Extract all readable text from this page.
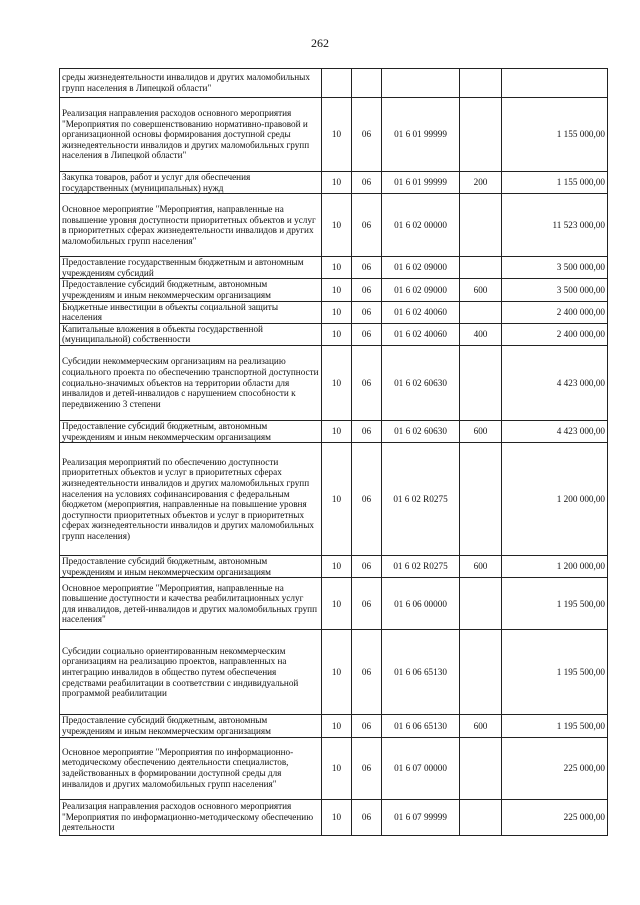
262
среды жизнедеятельности инвалидов и других маломобильных групп населения в Липецкой области"					
Реализация направления расходов основного мероприятия "Мероприятия по совершенствованию нормативно-правовой и организационной основы формирования доступной среды жизнедеятельности инвалидов и других маломобильных групп населения в Липецкой области"	10	06	01 6 01 99999		1 155 000,00
Закупка товаров, работ и услуг для обеспечения государственных (муниципальных) нужд	10	06	01 6 01 99999	200	1 155 000,00
Основное мероприятие "Мероприятия, направленные на повышение уровня доступности приоритетных объектов и услуг в приоритетных сферах жизнедеятельности инвалидов и других маломобильных групп населения"	10	06	01 6 02 00000		11 523 000,00
Предоставление государственным бюджетным и автономным учреждениям субсидий	10	06	01 6 02 09000		3 500 000,00
Предоставление субсидий бюджетным, автономным учреждениям и иным некоммерческим организациям	10	06	01 6 02 09000	600	3 500 000,00
Бюджетные инвестиции в объекты социальной защиты населения	10	06	01 6 02 40060		2 400 000,00
Капитальные вложения в объекты государственной (муниципальной) собственности	10	06	01 6 02 40060	400	2 400 000,00
Субсидии некоммерческим организациям на реализацию социального проекта по обеспечению транспортной доступности социально-значимых объектов на территории области для инвалидов и детей-инвалидов с нарушением способности к передвижению 3 степени	10	06	01 6 02 60630		4 423 000,00
Предоставление субсидий бюджетным, автономным учреждениям и иным некоммерческим организациям	10	06	01 6 02 60630	600	4 423 000,00
Реализация мероприятий по обеспечению доступности приоритетных объектов и услуг в приоритетных сферах жизнедеятельности инвалидов и других маломобильных групп населения на условиях софинансирования с федеральным бюджетом (мероприятия, направленные на повышение уровня доступности приоритетных объектов и услуг в приоритетных сферах жизнедеятельности инвалидов и других маломобильных групп населения)	10	06	01 6 02 R0275		1 200 000,00
Предоставление субсидий бюджетным, автономным учреждениям и иным некоммерческим организациям	10	06	01 6 02 R0275	600	1 200 000,00
Основное мероприятие "Мероприятия, направленные на повышение доступности и качества реабилитационных услуг для инвалидов, детей-инвалидов и других маломобильных групп населения"	10	06	01 6 06 00000		1 195 500,00
Субсидии социально ориентированным некоммерческим организациям на реализацию проектов, направленных на интеграцию инвалидов в общество путем обеспечения средствами реабилитации в соответствии с индивидуальной программой реабилитации	10	06	01 6 06 65130		1 195 500,00
Предоставление субсидий бюджетным, автономным учреждениям и иным некоммерческим организациям	10	06	01 6 06 65130	600	1 195 500,00
Основное мероприятие "Мероприятия по информационно-методическому обеспечению деятельности специалистов, задействованных в формировании доступной среды для инвалидов и других маломобильных групп населения"	10	06	01 6 07 00000		225 000,00
Реализация направления расходов основного мероприятия "Мероприятия по информационно-методическому обеспечению деятельности	10	06	01 6 07 99999		225 000,00
